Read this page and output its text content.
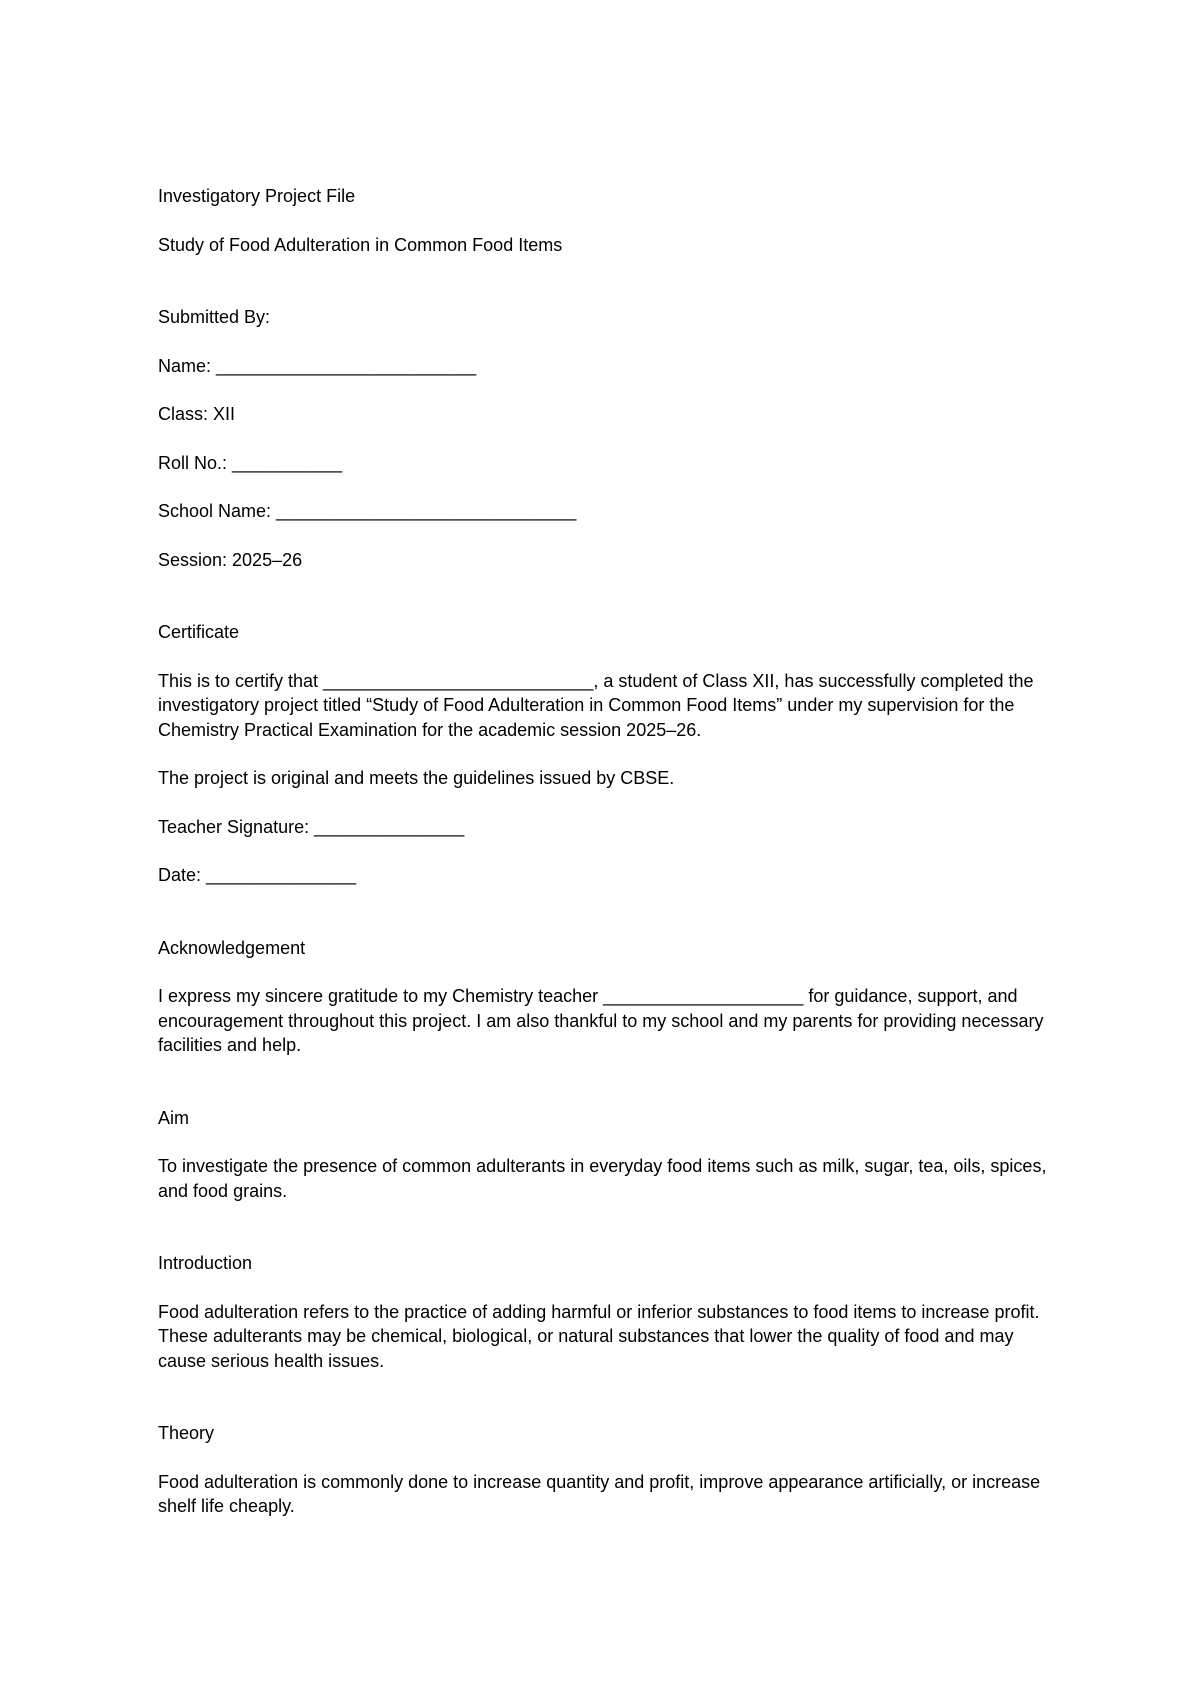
Investigatory Project File

Study of Food Adulteration in Common Food Items

Submitted By:

Name: __________________________

Class: XII

Roll No.: ___________

School Name: ______________________________

Session: 2025–26

Certificate

This is to certify that ___________________________, a student of Class XII, has successfully completed the investigatory project titled “Study of Food Adulteration in Common Food Items” under my supervision for the Chemistry Practical Examination for the academic session 2025–26.

The project is original and meets the guidelines issued by CBSE.

Teacher Signature: _______________

Date: _______________

Acknowledgement

I express my sincere gratitude to my Chemistry teacher ____________________ for guidance, support, and encouragement throughout this project. I am also thankful to my school and my parents for providing necessary facilities and help.

Aim

To investigate the presence of common adulterants in everyday food items such as milk, sugar, tea, oils, spices, and food grains.

Introduction

Food adulteration refers to the practice of adding harmful or inferior substances to food items to increase profit. These adulterants may be chemical, biological, or natural substances that lower the quality of food and may cause serious health issues.

Theory

Food adulteration is commonly done to increase quantity and profit, improve appearance artificially, or increase shelf life cheaply.
